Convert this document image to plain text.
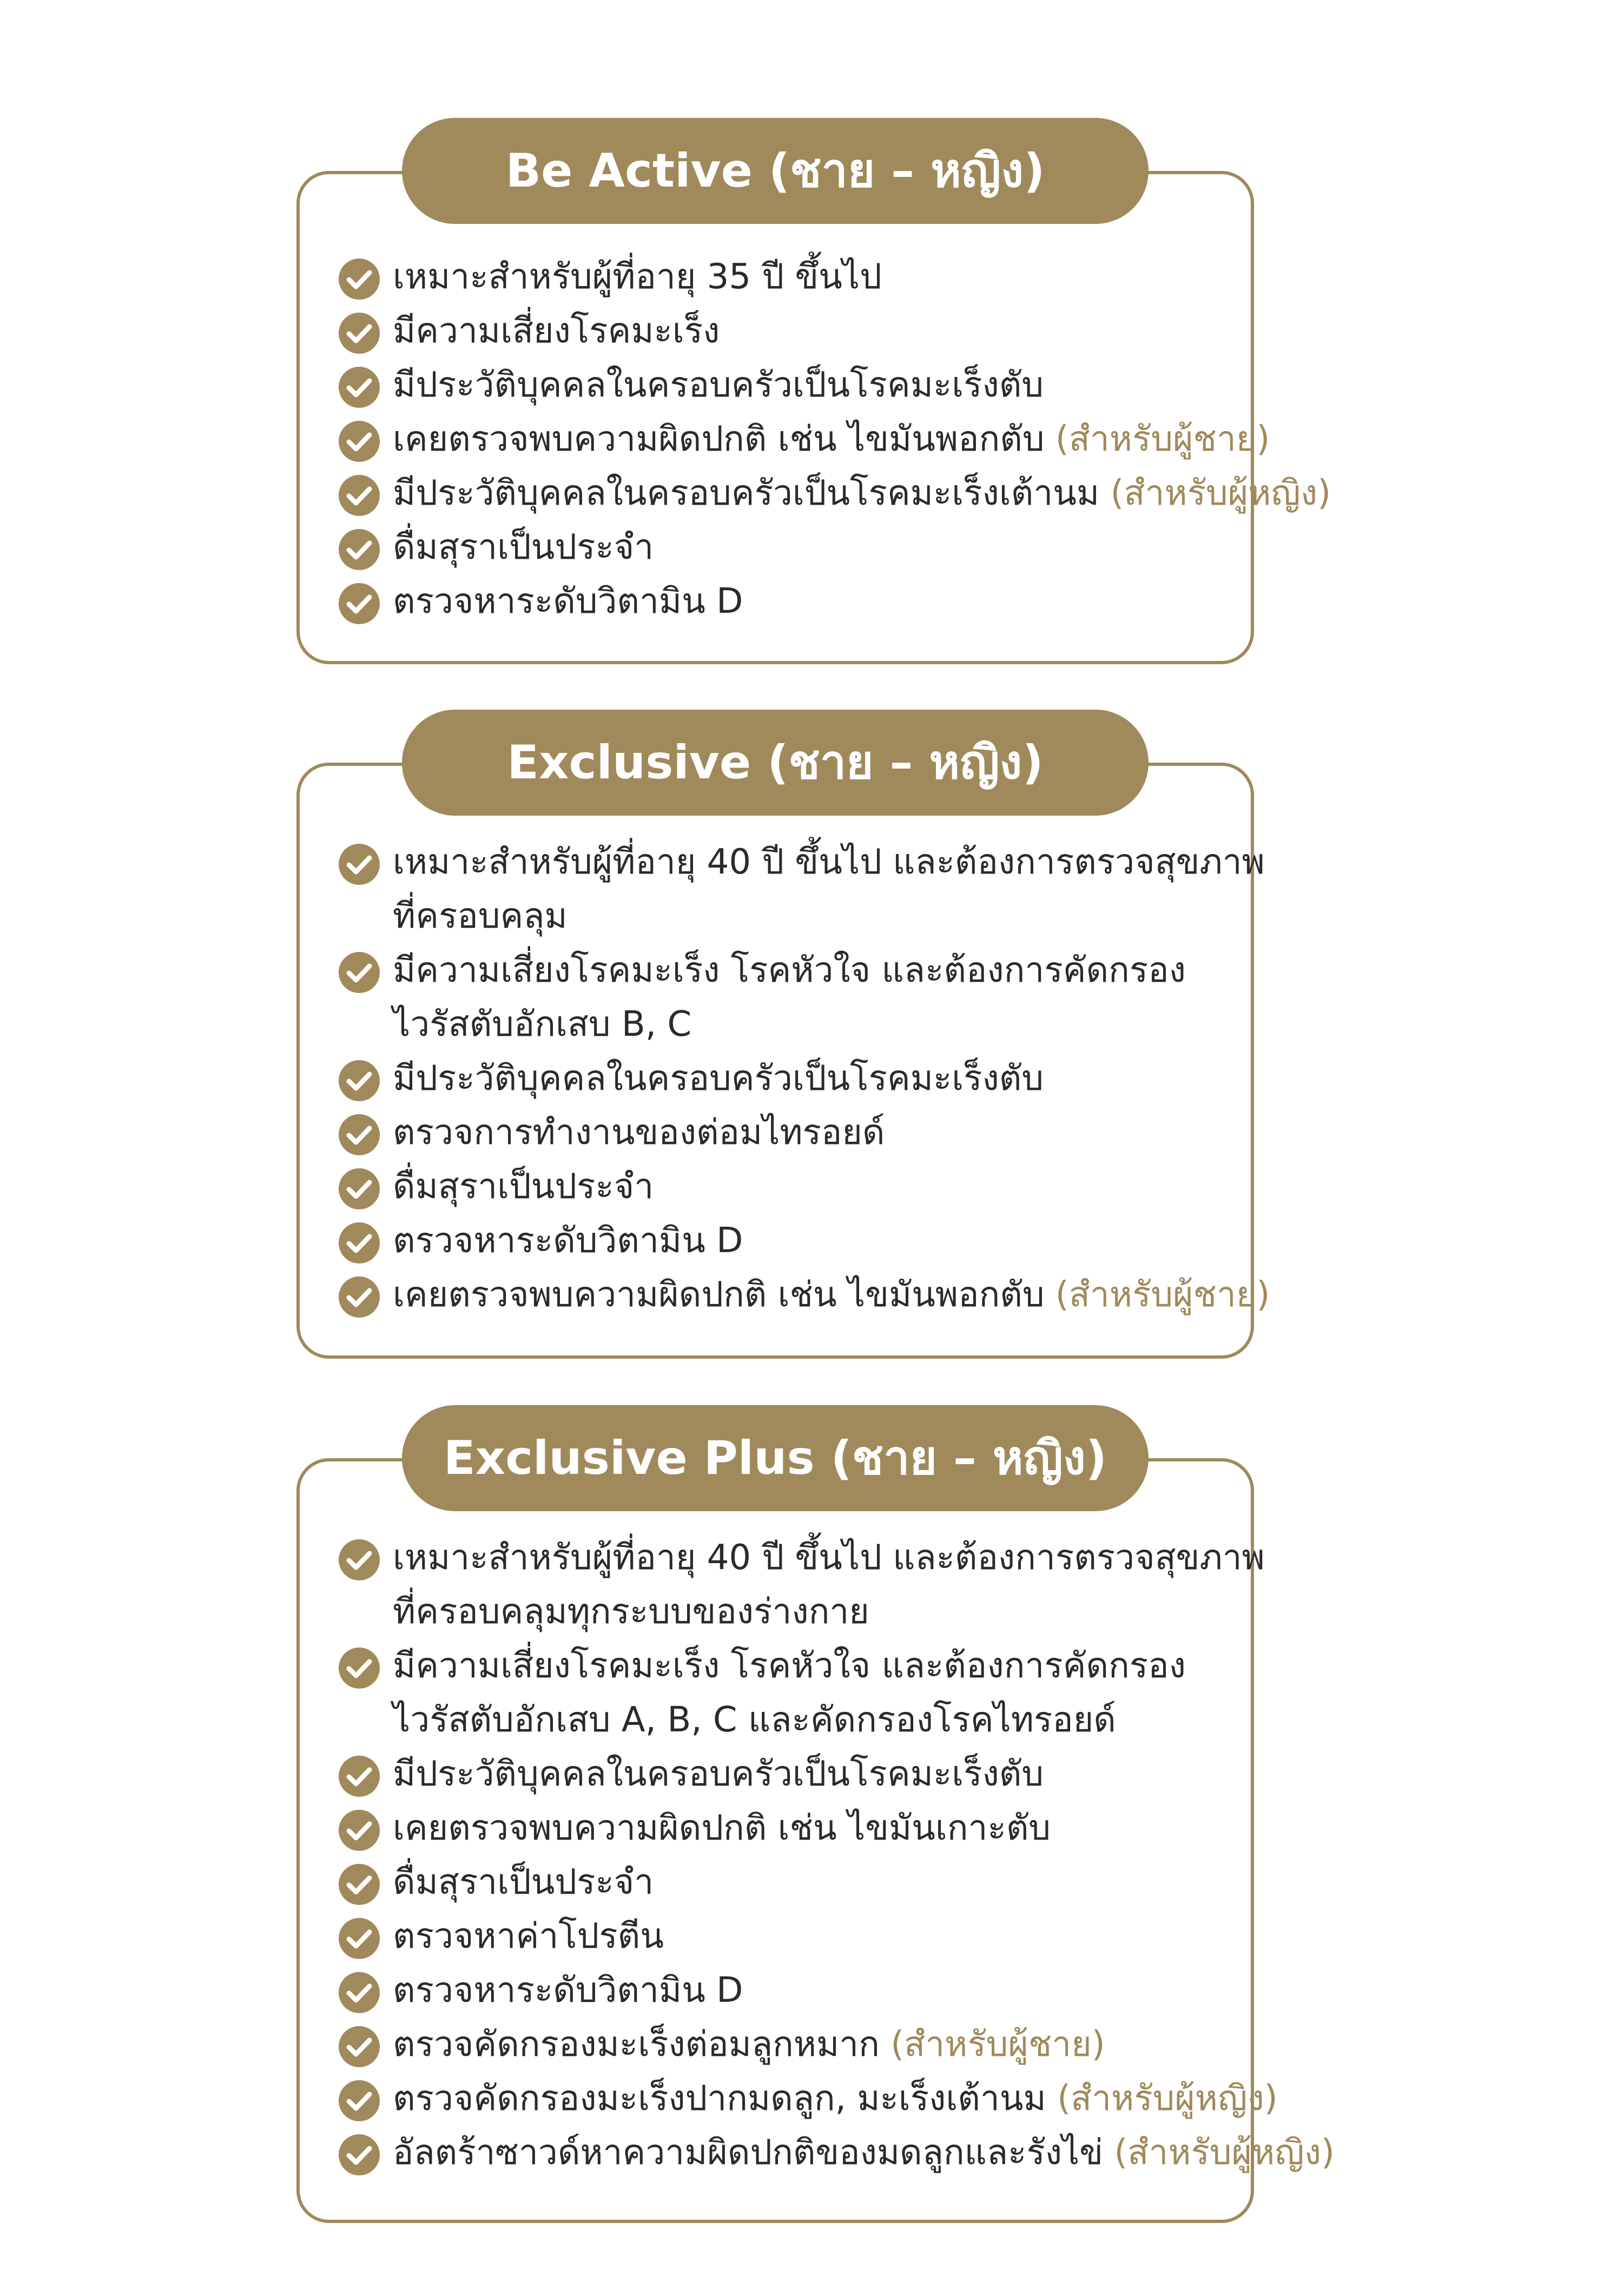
เหมาะสำหรับผู้ที่อายุ 35 ปี ขึ้นไป
มีความเสี่ยงโรคมะเร็ง
มีประวัติบุคคลในครอบครัวเป็นโรคมะเร็งตับ
เคยตรวจพบความผิดปกติ เช่น ไขมันพอกตับ (สำหรับผู้ชาย)
มีประวัติบุคคลในครอบครัวเป็นโรคมะเร็งเต้านม (สำหรับผู้หญิง)
ดื่มสุราเป็นประจำ
ตรวจหาระดับวิตามิน D
Be Active (ชาย – หญิง)
เหมาะสำหรับผู้ที่อายุ 40 ปี ขึ้นไป และต้องการตรวจสุขภาพ
ที่ครอบคลุม
มีความเสี่ยงโรคมะเร็ง โรคหัวใจ และต้องการคัดกรอง
ไวรัสตับอักเสบ B, C
มีประวัติบุคคลในครอบครัวเป็นโรคมะเร็งตับ
ตรวจการทำงานของต่อมไทรอยด์
ดื่มสุราเป็นประจำ
ตรวจหาระดับวิตามิน D
เคยตรวจพบความผิดปกติ เช่น ไขมันพอกตับ (สำหรับผู้ชาย)
Exclusive (ชาย – หญิง)
เหมาะสำหรับผู้ที่อายุ 40 ปี ขึ้นไป และต้องการตรวจสุขภาพ
ที่ครอบคลุมทุกระบบของร่างกาย
มีความเสี่ยงโรคมะเร็ง โรคหัวใจ และต้องการคัดกรอง
ไวรัสตับอักเสบ A, B, C และคัดกรองโรคไทรอยด์
มีประวัติบุคคลในครอบครัวเป็นโรคมะเร็งตับ
เคยตรวจพบความผิดปกติ เช่น ไขมันเกาะตับ
ดื่มสุราเป็นประจำ
ตรวจหาค่าโปรตีน
ตรวจหาระดับวิตามิน D
ตรวจคัดกรองมะเร็งต่อมลูกหมาก (สำหรับผู้ชาย)
ตรวจคัดกรองมะเร็งปากมดลูก, มะเร็งเต้านม (สำหรับผู้หญิง)
อัลตร้าซาวด์หาความผิดปกติของมดลูกและรังไข่ (สำหรับผู้หญิง)
Exclusive Plus (ชาย – หญิง)
